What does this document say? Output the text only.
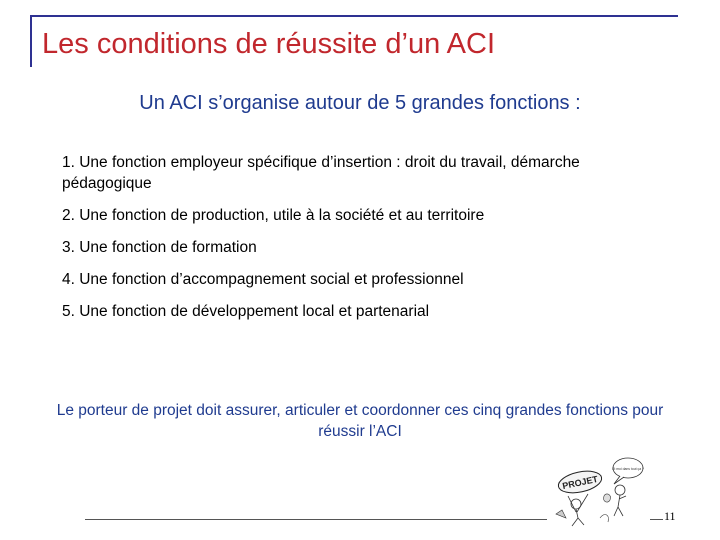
Les conditions de réussite d’un ACI
Un ACI s’organise autour de 5 grandes fonctions :
1. Une fonction employeur spécifique d’insertion : droit du travail, démarche pédagogique
2. Une fonction de production, utile à la société et au territoire
3. Une fonction de formation
4. Une fonction d’accompagnement social et professionnel
5. Une fonction de développement local et partenarial
Le porteur de projet doit assurer, articuler et coordonner ces cinq grandes fonctions pour réussir l’ACI
Et moi dans tout ça ?
PROJET
11
